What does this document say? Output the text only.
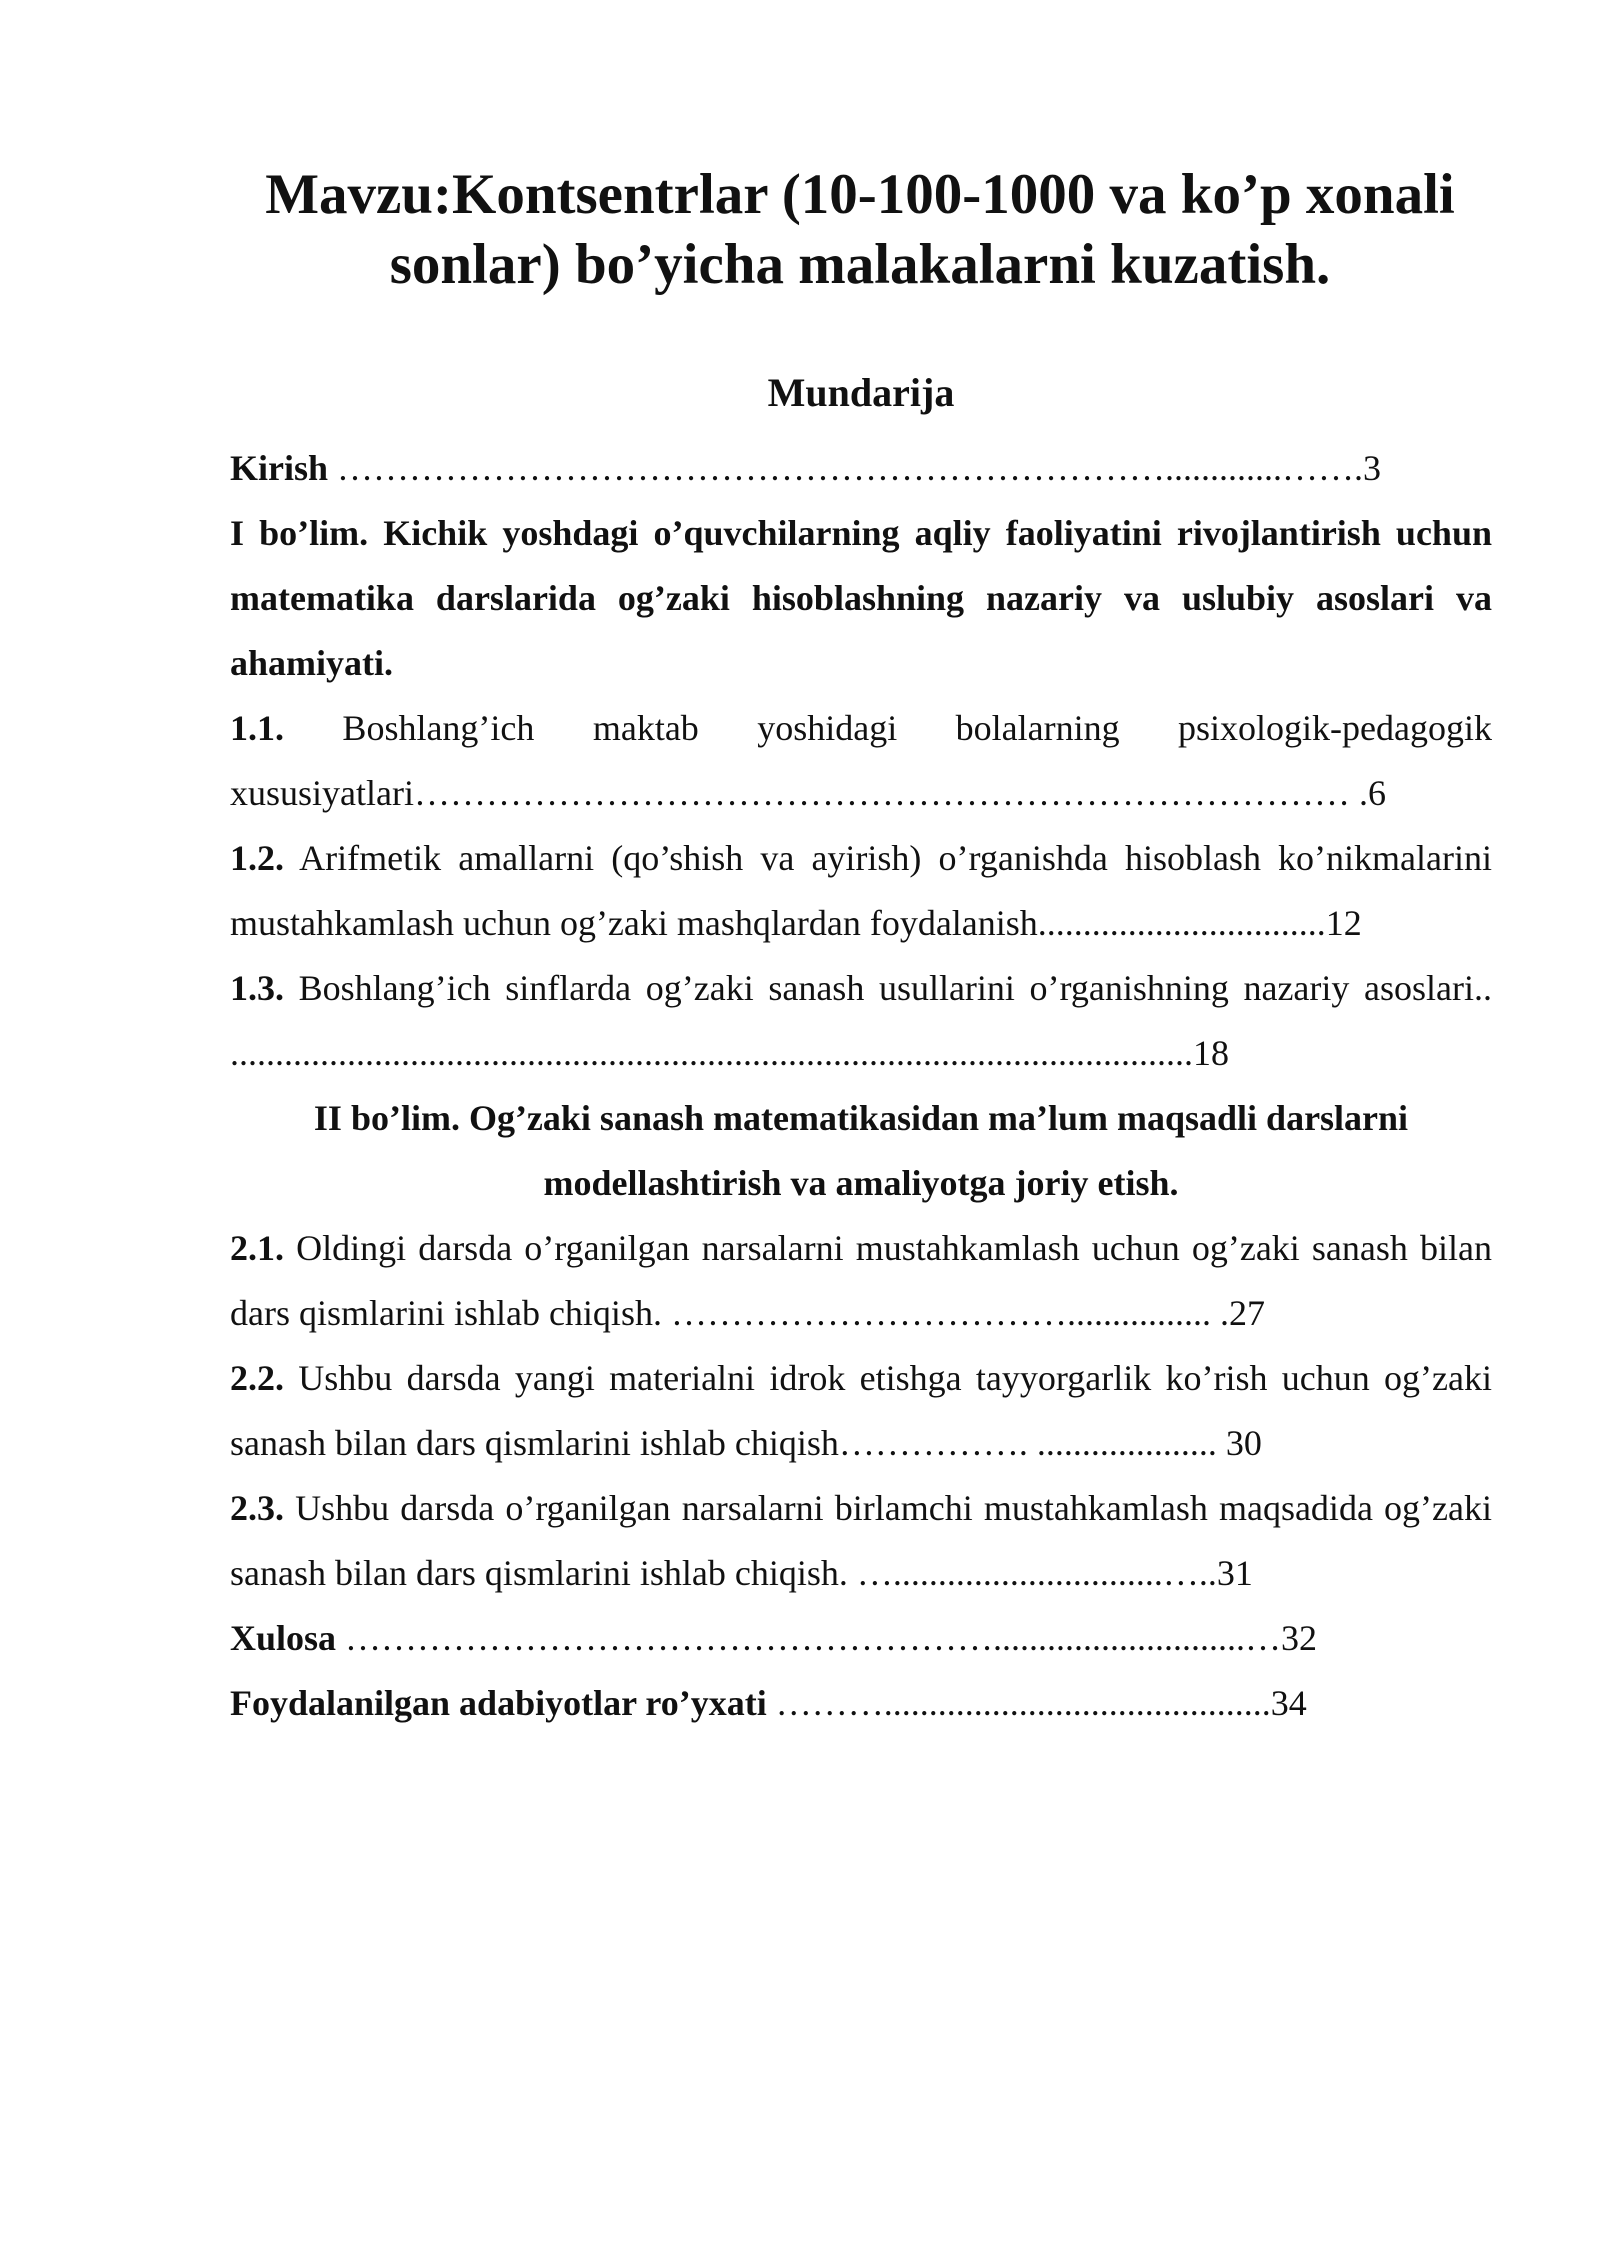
Mavzu:Kontsentrlar (10-100-1000 va ko’p xonali sonlar) bo’yicha malakalarni kuzatish.
Mundarija

Kirish …………………………………………………………….............…….3

I bo’lim. Kichik yoshdagi o’quvchilarning aqliy faoliyatini rivojlantirish uchun matematika darslarida og’zaki hisoblashning nazariy va uslubiy asoslari va ahamiyati.

1.1. Boshlang’ich maktab yoshidagi bolalarning psixologik-pedagogik xususiyatlari…………………………………………………………………… .6

1.2. Arifmetik amallarni (qo’shish va ayirish) o’rganishda hisoblash ko’nikmalarini mustahkamlash uchun og’zaki mashqlardan foydalanish................................12

1.3. Boshlang’ich sinflarda og’zaki sanash usullarini o’rganishning nazariy asoslari.. ...........................................................................................................18

II bo’lim. Og’zaki sanash matematikasidan ma’lum maqsadli darslarni modellashtirish va amaliyotga joriy etish.

2.1. Oldingi darsda o’rganilgan narsalarni mustahkamlash uchun og’zaki sanash bilan dars qismlarini ishlab chiqish. ……………………………................ .27

2.2. Ushbu darsda yangi materialni idrok etishga tayyorgarlik ko’rish uchun og’zaki sanash bilan dars qismlarini ishlab chiqish……………. .................... 30

2.3. Ushbu darsda o’rganilgan narsalarni birlamchi mustahkamlash maqsadida og’zaki sanash bilan dars qismlarini ishlab chiqish. …..............................…..31

Xulosa ………………………………………………............................…32

Foydalanilgan adabiyotlar ro’yxati ………...........................................34
